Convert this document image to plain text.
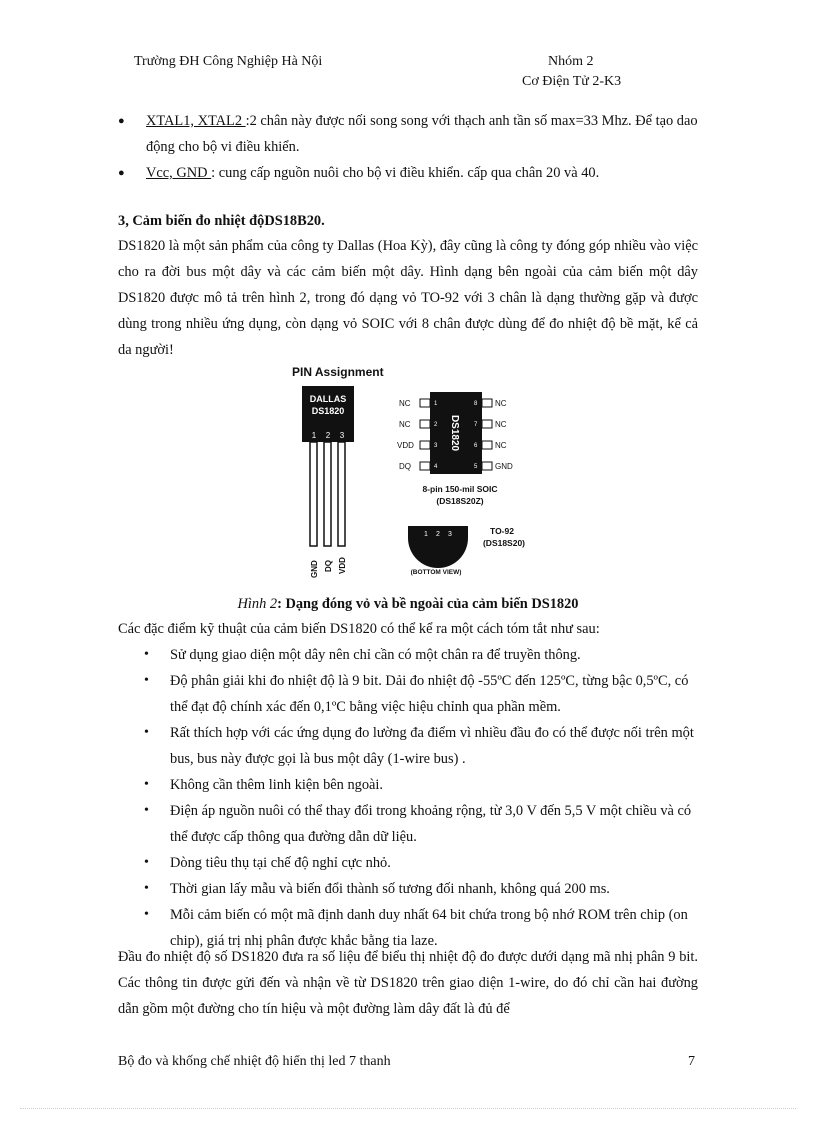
Trường ĐH Công Nghiệp Hà Nội	Nhóm 2
Cơ Điện Tử 2-K3
● XTAL1, XTAL2 :2 chân này được nối song song với thạch anh tần số max=33 Mhz. Để tạo dao động cho bộ vi điều khiển.
● Vcc, GND : cung cấp nguồn nuôi cho bộ vi điều khiển. cấp qua chân 20 và 40.
3, Cảm biến đo nhiệt độDS18B20.
DS1820 là một sản phẩm của công ty Dallas (Hoa Kỳ), đây cũng là công ty đóng góp nhiều vào việc cho ra đời bus một dây và các cảm biến một dây. Hình dạng bên ngoài của cảm biến một dây DS1820 được mô tả trên hình 2, trong đó dạng vỏ TO-92 với 3 chân là dạng thường gặp và được dùng trong nhiều ứng dụng, còn dạng vỏ SOIC với 8 chân được dùng để đo nhiệt độ bề mặt, kể cả da người!
PIN Assignment
DALLAS
DS1820
1 2 3
GND DQ VDD
DS1820
NC
NC
VDD
DQ
1
2
3
4
NC
NC
NC
GND
8
7
6
5
8-pin 150-mil SOIC
(DS18S20Z)
1 2 3
(BOTTOM VIEW)
TO-92
(DS18S20)
Hình 2: Dạng đóng vỏ và bề ngoài của cảm biến DS1820
Các đặc điểm kỹ thuật của cảm biến DS1820 có thể kể ra một cách tóm tắt như sau:
• Sử dụng giao diện một dây nên chỉ cần có một chân ra để truyền thông.
• Độ phân giải khi đo nhiệt độ là 9 bit. Dải đo nhiệt độ -55ºC đến 125ºC, từng bậc 0,5ºC, có thể đạt độ chính xác đến 0,1ºC bằng việc hiệu chỉnh qua phần mềm.
• Rất thích hợp với các ứng dụng đo lường đa điểm vì nhiều đầu đo có thể được nối trên một bus, bus này được gọi là bus một dây (1-wire bus) .
• Không cần thêm linh kiện bên ngoài.
• Điện áp nguồn nuôi có thể thay đổi trong khoảng rộng, từ 3,0 V đến 5,5 V một chiều và có thể được cấp thông qua đường dẫn dữ liệu.
• Dòng tiêu thụ tại chế độ nghỉ cực nhỏ.
• Thời gian lấy mẫu và biến đổi thành số tương đối nhanh, không quá 200 ms.
• Mỗi cảm biến có một mã định danh duy nhất 64 bit chứa trong bộ nhớ ROM trên chip (on chip), giá trị nhị phân được khắc bằng tia laze.
Đầu đo nhiệt độ số DS1820 đưa ra số liệu để biểu thị nhiệt độ đo được dưới dạng mã nhị phân 9 bit. Các thông tin được gửi đến và nhận về từ DS1820 trên giao diện 1-wire, do đó chỉ cần hai đường dẫn gồm một đường cho tín hiệu và một đường làm dây đất là đủ để
Bộ đo và khống chế nhiệt độ hiển thị led 7 thanh	7
